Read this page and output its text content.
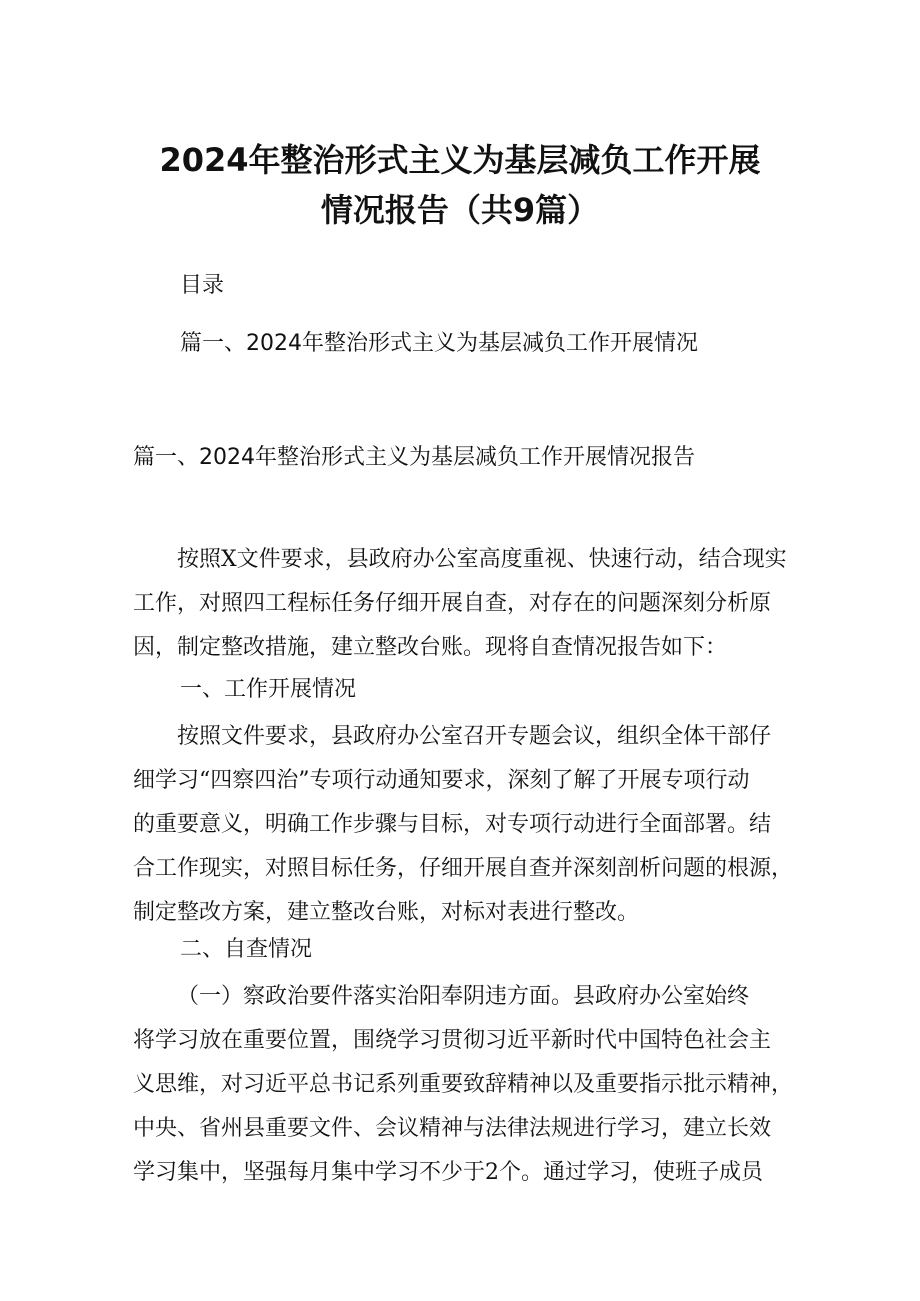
2024年整治形式主义为基层减负工作开展
情况报告（共9篇）
目录
篇一、2024年整治形式主义为基层减负工作开展情况
篇一、2024年整治形式主义为基层减负工作开展情况报告
按照X文件要求，县政府办公室高度重视、快速行动，结合现实
工作，对照四工程标任务仔细开展自查，对存在的问题深刻分析原
因，制定整改措施，建立整改台账。现将自查情况报告如下：
一、工作开展情况
按照文件要求，县政府办公室召开专题会议，组织全体干部仔
细学习“四察四治”专项行动通知要求，深刻了解了开展专项行动
的重要意义，明确工作步骤与目标，对专项行动进行全面部署。结
合工作现实，对照目标任务，仔细开展自查并深刻剖析问题的根源，
制定整改方案，建立整改台账，对标对表进行整改。
二、自查情况
（一）察政治要件落实治阳奉阴违方面。县政府办公室始终
将学习放在重要位置，围绕学习贯彻习近平新时代中国特色社会主
义思维，对习近平总书记系列重要致辞精神以及重要指示批示精神，
中央、省州县重要文件、会议精神与法律法规进行学习，建立长效
学习集中，坚强每月集中学习不少于2个。通过学习，使班子成员
